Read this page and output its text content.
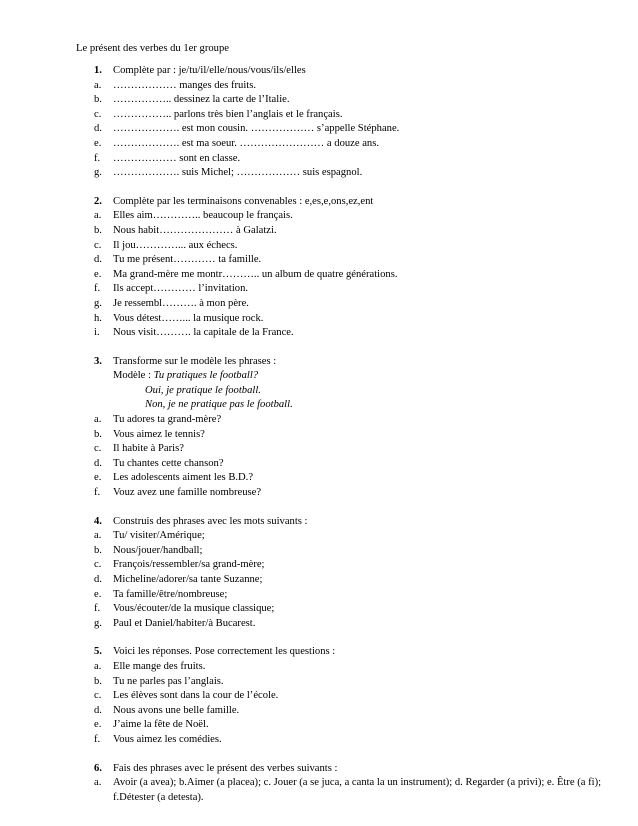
Le présent des verbes du 1er groupe
1.	Complète par : je/tu/il/elle/nous/vous/ils/elles
a.	……………… manges des fruits.
b.	…………….. dessinez la carte de l’Italie.
c.	…………….. parlons très bien l’anglais et le français.
d.	………………. est mon cousin. ……………… s’appelle Stéphane.
e.	………………. est ma soeur. …………………… a douze ans.
f.	……………… sont en classe.
g.	………………. suis Michel; ……………… suis espagnol.
2.	Complète par les terminaisons convenables : e,es,e,ons,ez,ent
a.	Elles aim………….. beaucoup le français.
b.	Nous habit………………… à Galatzi.
c.	Il jou…………... aux échecs.
d.	Tu me présent………… ta famille.
e.	Ma grand-mère me montr……….. un album de quatre générations.
f.	Ils accept………… l’invitation.
g.	Je ressembl………. à mon père.
h.	Vous détest……... la musique rock.
i.	Nous visit………. la capitale de la France.
3.	Transforme sur le modèle les phrases :
Modèle : Tu pratiques le football?
Oui, je pratique le football.
Non, je ne pratique pas le football.
a.	Tu adores ta grand-mère?
b.	Vous aimez le tennis?
c.	Il habite à Paris?
d.	Tu chantes cette chanson?
e.	Les adolescents aiment les B.D.?
f.	Vouz avez une famille nombreuse?
4.	Construis des phrases avec les mots suivants :
a.	Tu/ visiter/Amérique;
b.	Nous/jouer/handball;
c.	François/ressembler/sa grand-mère;
d.	Micheline/adorer/sa tante Suzanne;
e.	Ta famille/être/nombreuse;
f.	Vous/écouter/de la musique classique;
g.	Paul et Daniel/habiter/à Bucarest.
5.	Voici les réponses. Pose correctement les questions :
a.	Elle mange des fruits.
b.	Tu ne parles pas l’anglais.
c.	Les élèves sont dans la cour de l’école.
d.	Nous avons une belle famille.
e.	J’aime la fête de Noël.
f.	Vous aimez les comédies.
6.	Fais des phrases avec le présent des verbes suivants :
a.	Avoir (a avea); b.Aimer (a placea); c. Jouer (a se juca, a canta la un instrument); d. Regarder (a privi); e. Être (a fi); f.Détester (a detesta).
